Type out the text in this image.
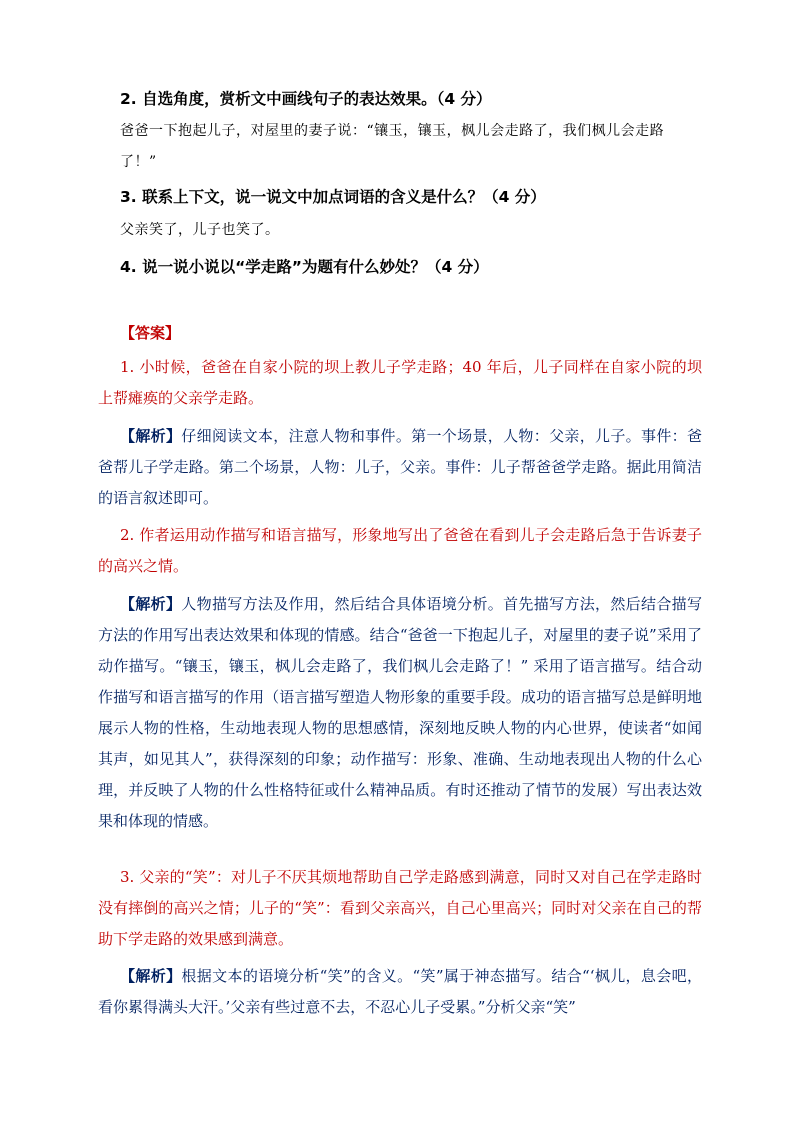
2. 自选角度，赏析文中画线句子的表达效果。（4 分）
爸爸一下抱起儿子，对屋里的妻子说：“镶玉，镶玉，枫儿会走路了，我们枫儿会走路了！”
3. 联系上下文，说一说文中加点词语的含义是什么？（4 分）
父亲笑了，儿子也笑了。
4. 说一说小说以“学走路”为题有什么妙处？（4 分）
【答案】
1. 小时候，爸爸在自家小院的坝上教儿子学走路；40 年后，儿子同样在自家小院的坝上帮瘫痪的父亲学走路。
【解析】仔细阅读文本，注意人物和事件。第一个场景，人物：父亲，儿子。事件：爸爸帮儿子学走路。第二个场景，人物：儿子，父亲。事件：儿子帮爸爸学走路。据此用简洁的语言叙述即可。
2. 作者运用动作描写和语言描写，形象地写出了爸爸在看到儿子会走路后急于告诉妻子的高兴之情。
【解析】人物描写方法及作用，然后结合具体语境分析。首先描写方法，然后结合描写方法的作用写出表达效果和体现的情感。结合“爸爸一下抱起儿子，对屋里的妻子说”采用了动作描写。“镶玉，镶玉，枫儿会走路了，我们枫儿会走路了！” 采用了语言描写。结合动作描写和语言描写的作用（语言描写塑造人物形象的重要手段。成功的语言描写总是鲜明地展示人物的性格，生动地表现人物的思想感情，深刻地反映人物的内心世界，使读者“如闻其声，如见其人”，获得深刻的印象；动作描写：形象、准确、生动地表现出人物的什么心理，并反映了人物的什么性格特征或什么精神品质。有时还推动了情节的发展）写出表达效果和体现的情感。
3. 父亲的“笑”：对儿子不厌其烦地帮助自己学走路感到满意，同时又对自己在学走路时没有摔倒的高兴之情；儿子的“笑”：看到父亲高兴，自己心里高兴；同时对父亲在自己的帮助下学走路的效果感到满意。
【解析】根据文本的语境分析“笑”的含义。“笑”属于神态描写。结合“‘枫儿，息会吧，看你累得满头大汗。’父亲有些过意不去，不忍心儿子受累。”分析父亲“笑”
